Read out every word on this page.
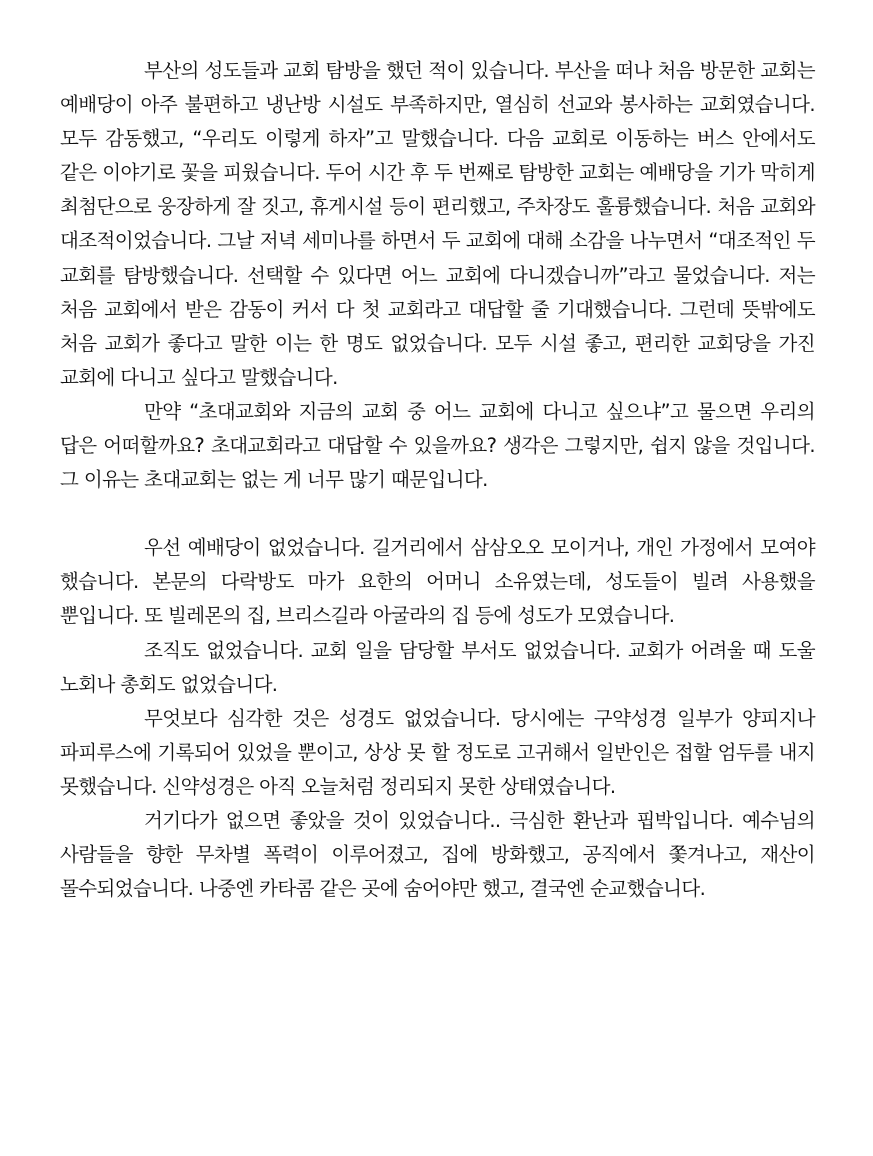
부산의 성도들과 교회 탐방을 했던 적이 있습니다. 부산을 떠나 처음 방문한 교회는 예배당이 아주 불편하고 냉난방 시설도 부족하지만, 열심히 선교와 봉사하는 교회였습니다. 모두 감동했고, “우리도 이렇게 하자”고 말했습니다. 다음 교회로 이동하는 버스 안에서도 같은 이야기로 꽃을 피웠습니다. 두어 시간 후 두 번째로 탐방한 교회는 예배당을 기가 막히게 최첨단으로 웅장하게 잘 짓고, 휴게시설 등이 편리했고, 주차장도 훌륭했습니다. 처음 교회와 대조적이었습니다. 그날 저녁 세미나를 하면서 두 교회에 대해 소감을 나누면서 “대조적인 두 교회를 탐방했습니다. 선택할 수 있다면 어느 교회에 다니겠습니까”라고 물었습니다. 저는 처음 교회에서 받은 감동이 커서 다 첫 교회라고 대답할 줄 기대했습니다. 그런데 뜻밖에도 처음 교회가 좋다고 말한 이는 한 명도 없었습니다. 모두 시설 좋고, 편리한 교회당을 가진 교회에 다니고 싶다고 말했습니다.

만약 “초대교회와 지금의 교회 중 어느 교회에 다니고 싶으냐”고 물으면 우리의 답은 어떠할까요? 초대교회라고 대답할 수 있을까요? 생각은 그렇지만, 쉽지 않을 것입니다. 그 이유는 초대교회는 없는 게 너무 많기 때문입니다.

우선 예배당이 없었습니다. 길거리에서 삼삼오오 모이거나, 개인 가정에서 모여야 했습니다. 본문의 다락방도 마가 요한의 어머니 소유였는데, 성도들이 빌려 사용했을 뿐입니다. 또 빌레몬의 집, 브리스길라 아굴라의 집 등에 성도가 모였습니다.

조직도 없었습니다. 교회 일을 담당할 부서도 없었습니다. 교회가 어려울 때 도울 노회나 총회도 없었습니다.

무엇보다 심각한 것은 성경도 없었습니다. 당시에는 구약성경 일부가 양피지나 파피루스에 기록되어 있었을 뿐이고, 상상 못 할 정도로 고귀해서 일반인은 접할 엄두를 내지 못했습니다. 신약성경은 아직 오늘처럼 정리되지 못한 상태였습니다.

거기다가 없으면 좋았을 것이 있었습니다.. 극심한 환난과 핍박입니다. 예수님의 사람들을 향한 무차별 폭력이 이루어졌고, 집에 방화했고, 공직에서 쫓겨나고, 재산이 몰수되었습니다. 나중엔 카타콤 같은 곳에 숨어야만 했고, 결국엔 순교했습니다.
